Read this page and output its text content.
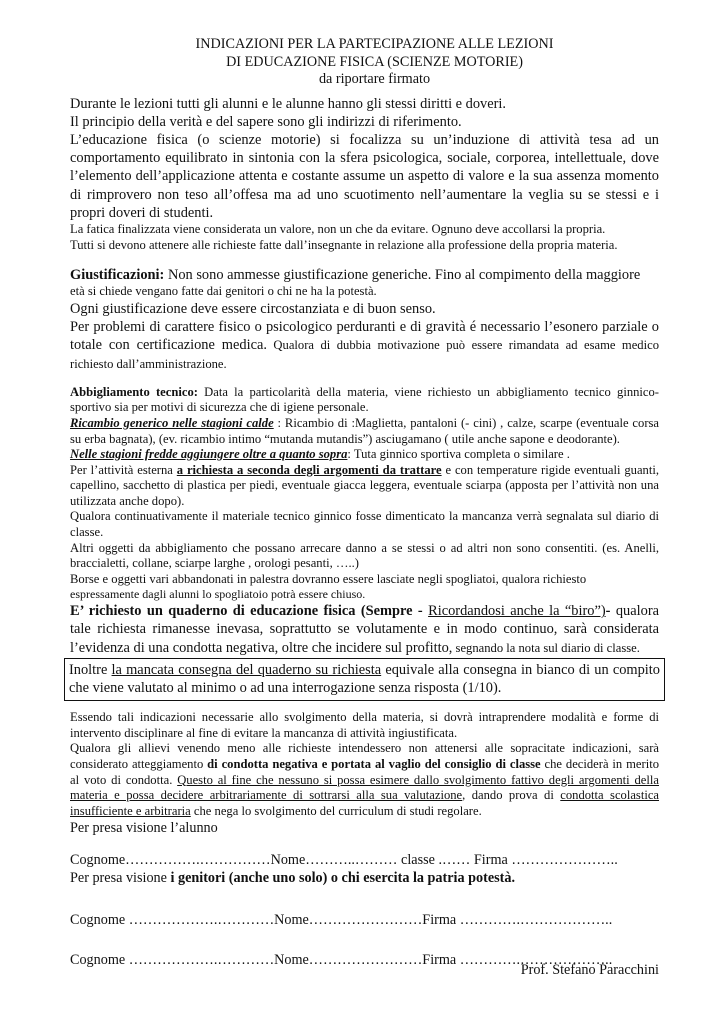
INDICAZIONI PER LA PARTECIPAZIONE ALLE LEZIONI
DI EDUCAZIONE FISICA (SCIENZE MOTORIE)
da riportare firmato

Durante le lezioni tutti gli alunni e le alunne hanno gli stessi diritti e doveri.

Il principio della verità e del sapere sono gli indirizzi di riferimento.

L’educazione fisica (o scienze motorie) si focalizza su un’induzione di attività tesa ad un comportamento equilibrato in sintonia con la sfera psicologica, sociale, corporea, intellettuale, dove l’elemento dell’applicazione attenta e costante assume un aspetto di valore e la sua assenza momento di rimprovero non teso all’offesa ma ad uno scuotimento nell’aumentare la veglia su se stessi e i propri doveri di studenti.

La fatica finalizzata viene considerata un valore, non un che da evitare. Ognuno deve accollarsi la propria.

Tutti si devono attenere alle richieste fatte dall’insegnante in relazione alla professione della propria materia.

Giustificazioni: Non sono ammesse giustificazione generiche. Fino al compimento della maggiore

età si chiede vengano fatte dai genitori o chi ne ha la potestà.

Ogni giustificazione deve essere circostanziata e di buon senso.

Per problemi di carattere fisico o psicologico perduranti e di gravità é necessario l’esonero parziale o totale con certificazione medica. Qualora di dubbia motivazione può essere rimandata ad esame medico richiesto dall’amministrazione.

Abbigliamento tecnico: Data la particolarità della materia, viene richiesto un abbigliamento tecnico ginnico-sportivo sia per motivi di sicurezza che di igiene personale.

Ricambio generico nelle stagioni calde : Ricambio di :Maglietta, pantaloni (- cini) , calze, scarpe (eventuale corsa su erba bagnata), (ev. ricambio intimo “mutanda mutandis”) asciugamano ( utile anche sapone e deodorante).

Nelle stagioni fredde aggiungere oltre a quanto sopra: Tuta ginnico sportiva completa o similare .

Per l’attività esterna a richiesta a seconda degli argomenti da trattare e con temperature rigide eventuali guanti, capellino, sacchetto di plastica per piedi, eventuale giacca leggera, eventuale sciarpa (apposta per l’attività non una utilizzata anche dopo).

Qualora continuativamente il materiale tecnico ginnico fosse dimenticato la mancanza verrà segnalata sul diario di classe.

Altri oggetti da abbigliamento che possano arrecare danno a se stessi o ad altri non sono consentiti. (es. Anelli, braccialetti, collane, sciarpe larghe , orologi pesanti, …..)

Borse e oggetti vari abbandonati in palestra dovranno essere lasciate negli spogliatoi, qualora richiesto

espressamente dagli alunni lo spogliatoio potrà essere chiuso.

E’ richiesto un quaderno di educazione fisica (Sempre - Ricordandosi anche la “biro”)- qualora tale richiesta rimanesse inevasa, soprattutto se volutamente e in modo continuo, sarà considerata l’evidenza di una condotta negativa, oltre che incidere sul profitto, segnando la nota sul diario di classe.

Inoltre la mancata consegna del quaderno su richiesta equivale alla consegna in bianco di un compito che viene valutato al minimo o ad una interrogazione senza risposta (1/10).

Essendo tali indicazioni necessarie allo svolgimento della materia, si dovrà intraprendere modalità e forme di intervento disciplinare al fine di evitare la mancanza di attività ingiustificata.

Qualora gli allievi venendo meno alle richieste intendessero non attenersi alle sopracitate indicazioni, sarà considerato atteggiamento di condotta negativa e portata al vaglio del consiglio di classe che deciderà in merito al voto di condotta. Questo al fine che nessuno si possa esimere dallo svolgimento fattivo degli argomenti della materia e possa decidere arbitrariamente di sottrarsi alla sua valutazione, dando prova di condotta scolastica insufficiente e arbitraria che nega lo svolgimento del curriculum di studi regolare.

Per presa visione l’alunno
Cognome…………….……………Nome………..……… classe .…… Firma …………………..
Per presa visione i genitori (anche uno solo) o chi esercita la patria potestà.
Cognome ……………….…………Nome……………………Firma ………….………………..
Cognome ……………….…………Nome……………………Firma ………….………………..
Prof. Stefano Paracchini
